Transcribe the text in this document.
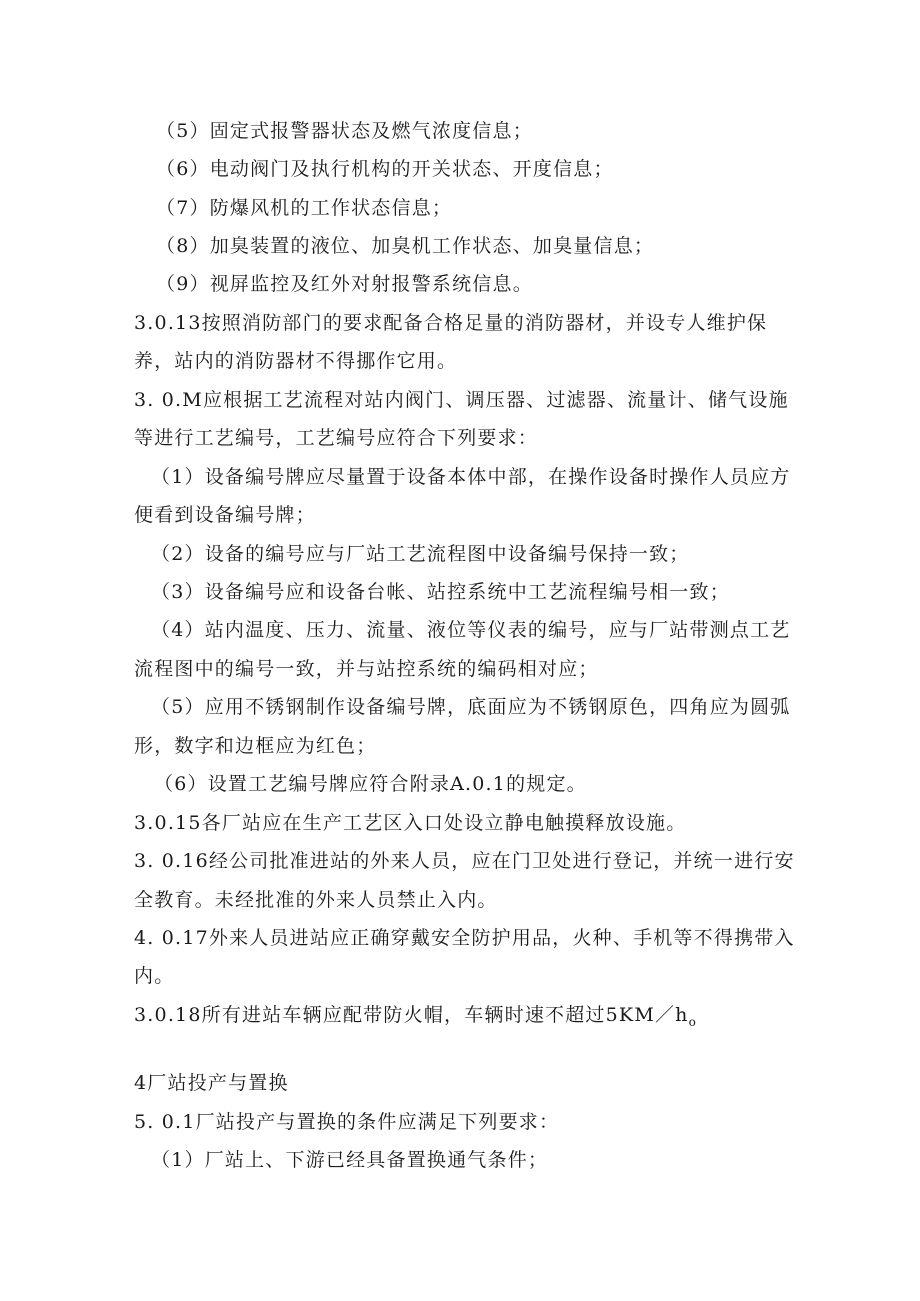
（5）固定式报警器状态及燃气浓度信息；
（6）电动阀门及执行机构的开关状态、开度信息；
（7）防爆风机的工作状态信息；
（8）加臭装置的液位、加臭机工作状态、加臭量信息；
（9）视屏监控及红外对射报警系统信息。
3.0.13按照消防部门的要求配备合格足量的消防器材，并设专人维护保
养，站内的消防器材不得挪作它用。
3. 0.M应根据工艺流程对站内阀门、调压器、过滤器、流量计、储气设施
等进行工艺编号，工艺编号应符合下列要求：
（1）设备编号牌应尽量置于设备本体中部，在操作设备时操作人员应方
便看到设备编号牌；
（2）设备的编号应与厂站工艺流程图中设备编号保持一致；
（3）设备编号应和设备台帐、站控系统中工艺流程编号相一致；
（4）站内温度、压力、流量、液位等仪表的编号，应与厂站带测点工艺
流程图中的编号一致，并与站控系统的编码相对应；
（5）应用不锈钢制作设备编号牌，底面应为不锈钢原色，四角应为圆弧
形，数字和边框应为红色；
（6）设置工艺编号牌应符合附录A.0.1的规定。
3.0.15各厂站应在生产工艺区入口处设立静电触摸释放设施。
3. 0.16经公司批准进站的外来人员，应在门卫处进行登记，并统一进行安
全教育。未经批准的外来人员禁止入内。
4. 0.17外来人员进站应正确穿戴安全防护用品，火种、手机等不得携带入
内。
3.0.18所有进站车辆应配带防火帽，车辆时速不超过$5KM/h_o$
4厂站投产与置换
5. 0.1厂站投产与置换的条件应满足下列要求：
（1）厂站上、下游已经具备置换通气条件；
